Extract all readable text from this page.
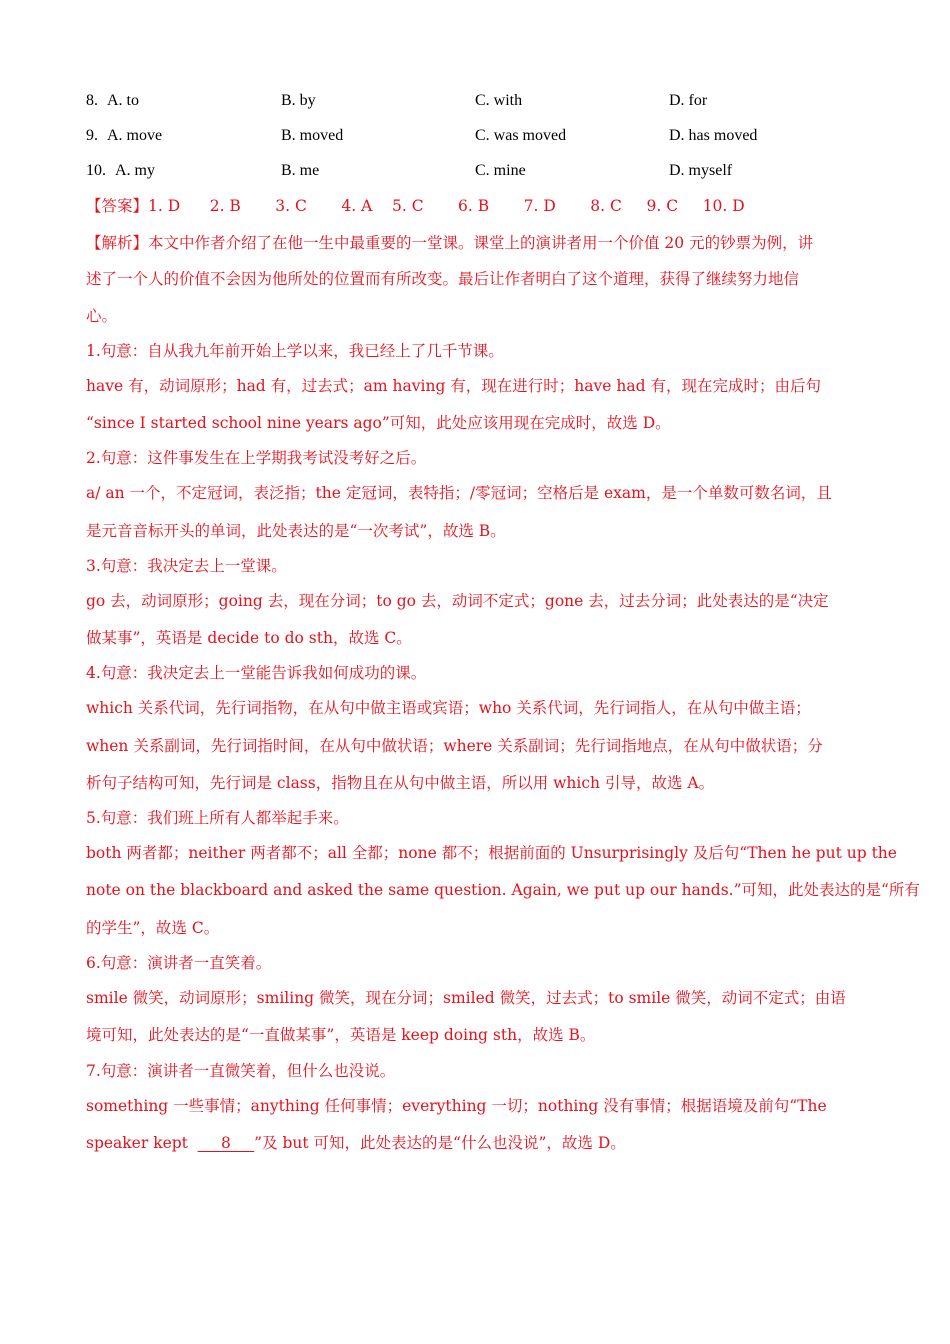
8. A. to	B. by	C. with	D. for
9. A. move	B. moved	C. was moved	D. has moved
10. A. my	B. me	C. mine	D. myself
【答案】1. D      2. B       3. C       4. A    5. C       6. B       7. D       8. C     9. C     10. D
【解析】本文中作者介绍了在他一生中最重要的一堂课。课堂上的演讲者用一个价值 20 元的钞票为例，讲
述了一个人的价值不会因为他所处的位置而有所改变。最后让作者明白了这个道理，获得了继续努力地信
心。
1.句意：自从我九年前开始上学以来，我已经上了几千节课。
have 有，动词原形；had 有，过去式；am having 有，现在进行时；have had 有，现在完成时；由后句
“since I started school nine years ago”可知，此处应该用现在完成时，故选 D。
2.句意：这件事发生在上学期我考试没考好之后。
a/ an 一个，不定冠词，表泛指；the 定冠词，表特指；/零冠词；空格后是 exam，是一个单数可数名词，且
是元音音标开头的单词，此处表达的是“一次考试”，故选 B。
3.句意：我决定去上一堂课。
go 去，动词原形；going 去，现在分词；to go 去，动词不定式；gone 去，过去分词；此处表达的是“决定
做某事”，英语是 decide to do sth，故选 C。
4.句意：我决定去上一堂能告诉我如何成功的课。
which 关系代词，先行词指物，在从句中做主语或宾语；who 关系代词，先行词指人，在从句中做主语；
when 关系副词，先行词指时间，在从句中做状语；where 关系副词；先行词指地点，在从句中做状语；分
析句子结构可知，先行词是 class，指物且在从句中做主语，所以用 which 引导，故选 A。
5.句意：我们班上所有人都举起手来。
both 两者都；neither 两者都不；all 全都；none 都不；根据前面的 Unsurprisingly 及后句“Then he put up the
note on the blackboard and asked the same question. Again, we put up our hands.”可知，此处表达的是“所有
的学生”，故选 C。
6.句意：演讲者一直笑着。
smile 微笑，动词原形；smiling 微笑，现在分词；smiled 微笑，过去式；to smile 微笑，动词不定式；由语
境可知，此处表达的是“一直做某事”，英语是 keep doing sth，故选 B。
7.句意：演讲者一直微笑着，但什么也没说。
something 一些事情；anything 任何事情；everything 一切；nothing 没有事情；根据语境及前句“The
speaker kept  ___8___”及 but 可知，此处表达的是“什么也没说”，故选 D。
